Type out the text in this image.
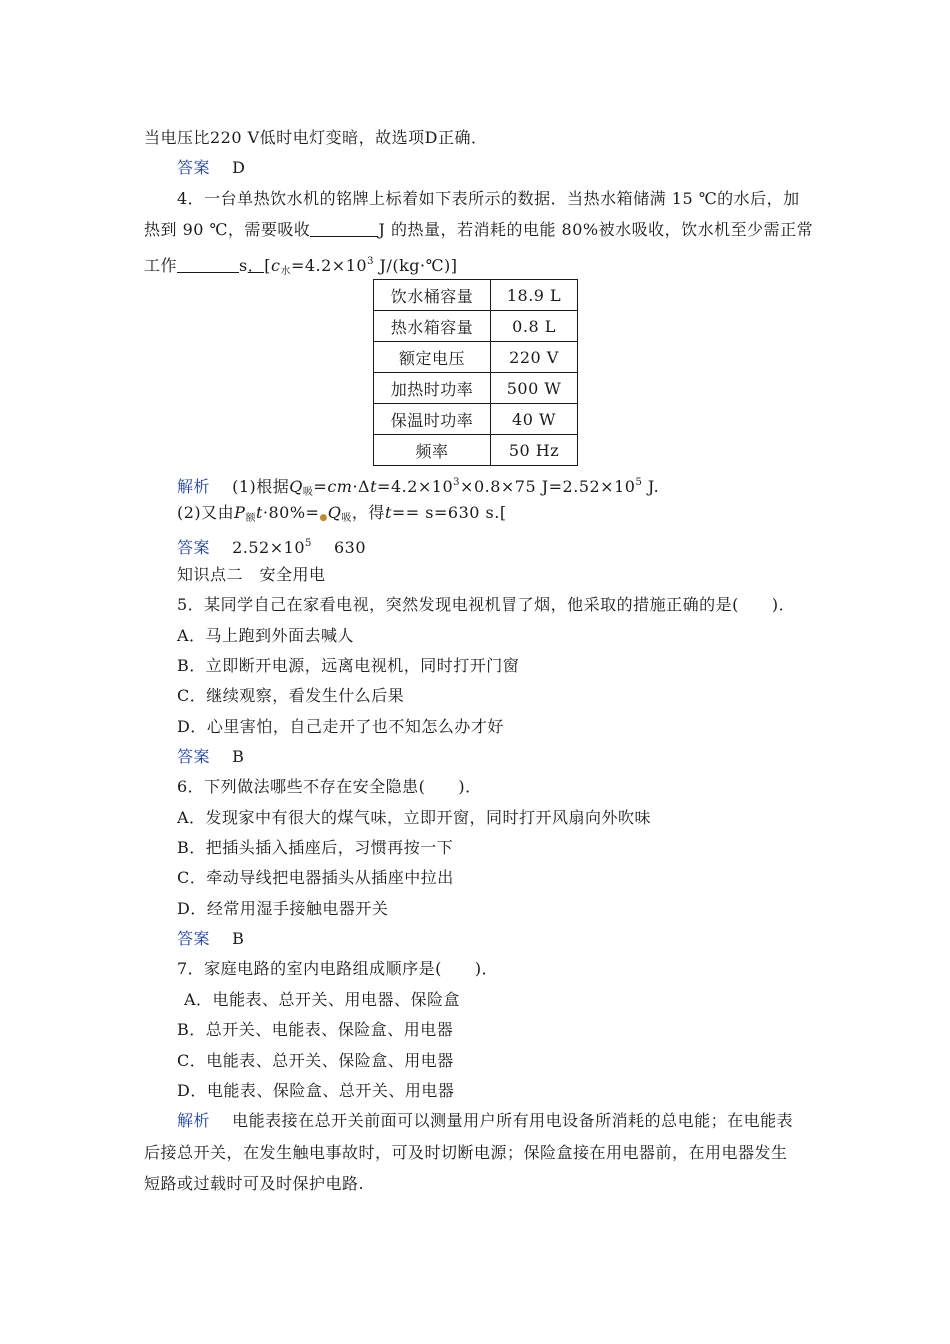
当电压比220 V低时电灯变暗，故选项D正确．
答案　 D
4．一台单热饮水机的铭牌上标着如下表所示的数据．当热水箱储满 15 ℃的水后，加
热到 90 ℃，需要吸收	J 的热量，若消耗的电能 80%被水吸收，饮水机至少需正常
工作	s．[$c_水=4.2\times 10^3$ J/(kg·℃)]
饮水桶容量	18.9 L
热水箱容量	0.8 L
额定电压	220 V
加热时功率	500 W
保温时功率	40 W
频率	50 Hz
解析　 (1)根据$Q_吸=cm\cdot\Delta t=4.2\times 10^3\times 0.8\times 75$ $J=2.52\times 10^5$ J.
(2)又由$P_额t\cdot 80\%=●Q_吸$，得t== s=630 s.[
答案　 $2.52\times 10^5$　 630
知识点二　安全用电
5．某同学自己在家看电视，突然发现电视机冒了烟，他采取的措施正确的是(　　)．
A．马上跑到外面去喊人
B．立即断开电源，远离电视机，同时打开门窗
C．继续观察，看发生什么后果
D．心里害怕，自己走开了也不知怎么办才好
答案　 B
6．下列做法哪些不存在安全隐患(　　)．
A．发现家中有很大的煤气味，立即开窗，同时打开风扇向外吹味
B．把插头插入插座后，习惯再按一下
C．牵动导线把电器插头从插座中拉出
D．经常用湿手接触电器开关
答案　 B
7．家庭电路的室内电路组成顺序是(　　)．
A．电能表、总开关、用电器、保险盒
B．总开关、电能表、保险盒、用电器
C．电能表、总开关、保险盒、用电器
D．电能表、保险盒、总开关、用电器
解析　 电能表接在总开关前面可以测量用户所有用电设备所消耗的总电能；在电能表
后接总开关，在发生触电事故时，可及时切断电源；保险盒接在用电器前，在用电器发生
短路或过载时可及时保护电路.
